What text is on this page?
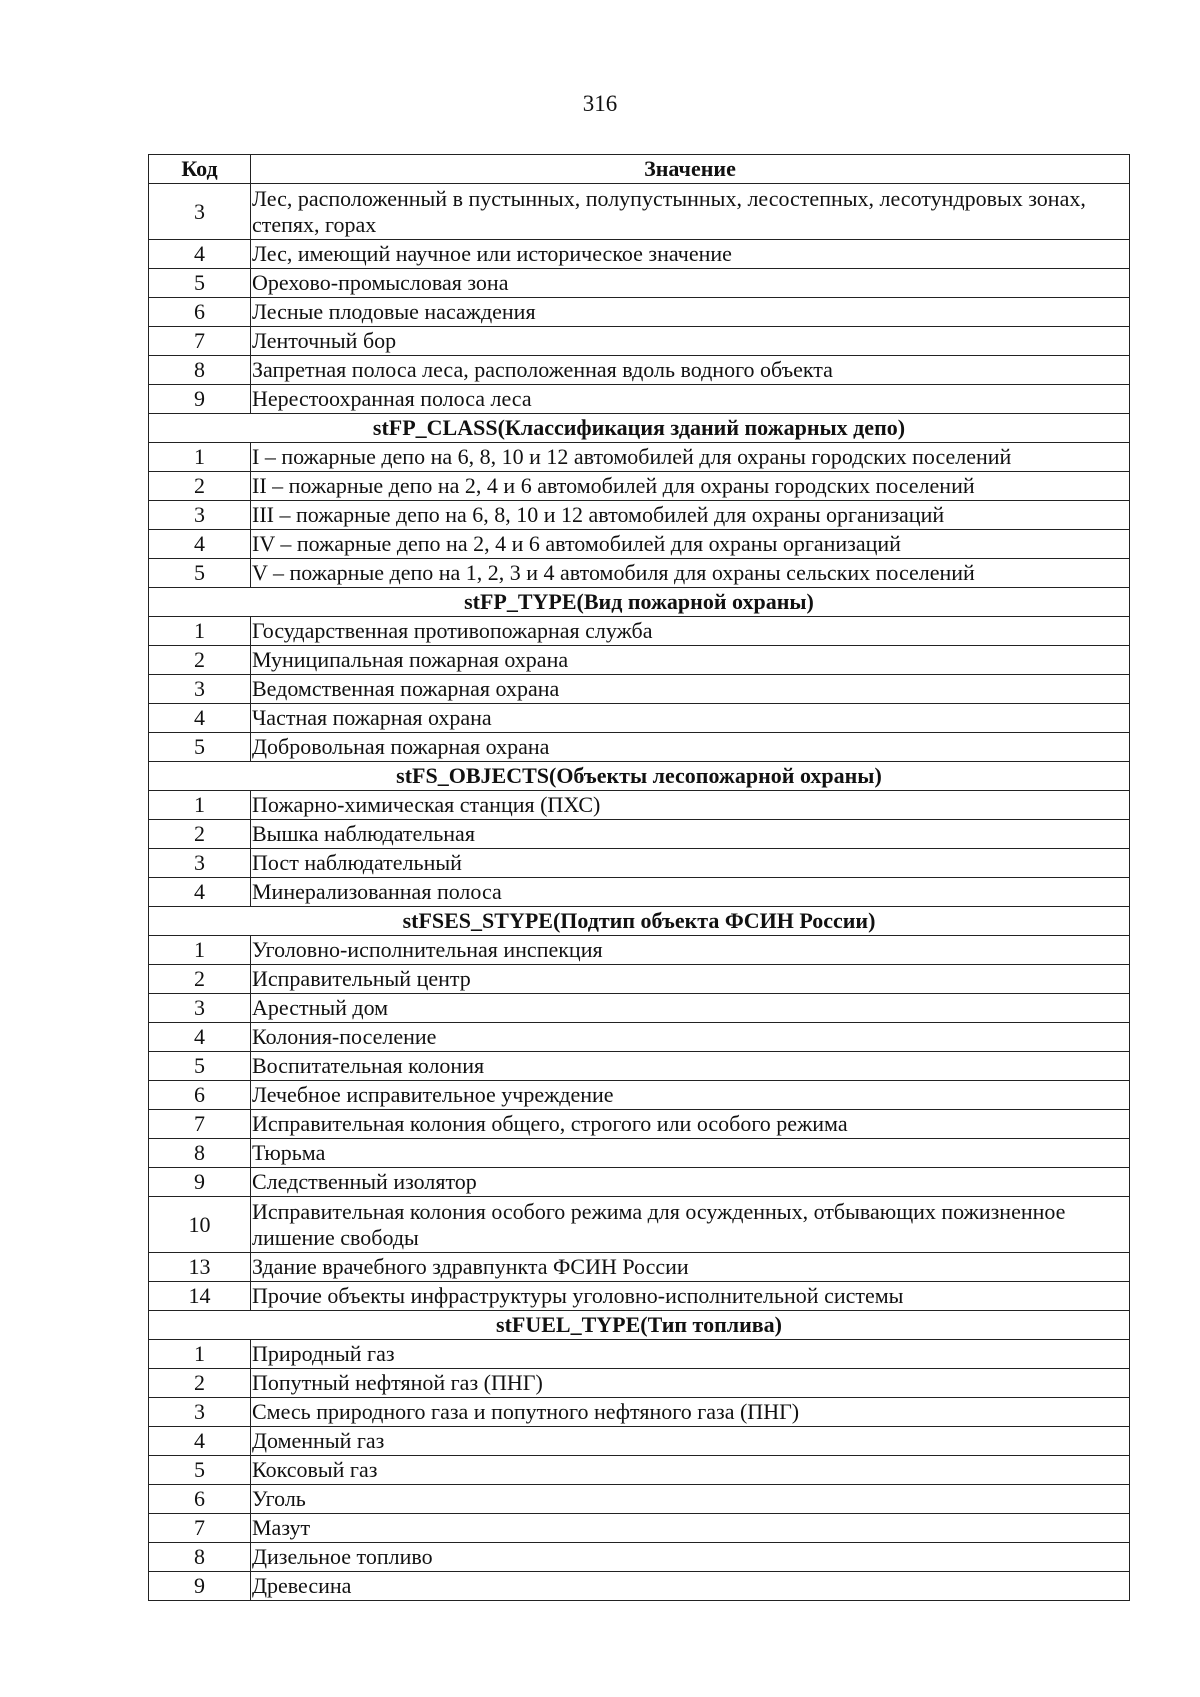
316
Код	Значение
3	Лес, расположенный в пустынных, полупустынных, лесостепных, лесотундровых зонах, степях, горах
4	Лес, имеющий научное или историческое значение
5	Орехово-промысловая зона
6	Лесные плодовые насаждения
7	Ленточный бор
8	Запретная полоса леса, расположенная вдоль водного объекта
9	Нерестоохранная полоса леса
stFP_CLASS(Классификация зданий пожарных депо)	
1	I – пожарные депо на 6, 8, 10 и 12 автомобилей для охраны городских поселений
2	II – пожарные депо на 2, 4 и 6 автомобилей для охраны городских поселений
3	III – пожарные депо на 6, 8, 10 и 12 автомобилей для охраны организаций
4	IV – пожарные депо на 2, 4 и 6 автомобилей для охраны организаций
5	V – пожарные депо на 1, 2, 3 и 4 автомобиля для охраны сельских поселений
stFP_TYPE(Вид пожарной охраны)	
1	Государственная противопожарная служба
2	Муниципальная пожарная охрана
3	Ведомственная пожарная охрана
4	Частная пожарная охрана
5	Добровольная пожарная охрана
stFS_OBJECTS(Объекты лесопожарной охраны)	
1	Пожарно-химическая станция (ПХС)
2	Вышка наблюдательная
3	Пост наблюдательный
4	Минерализованная полоса
stFSES_STYPE(Подтип объекта ФСИН России)	
1	Уголовно-исполнительная инспекция
2	Исправительный центр
3	Арестный дом
4	Колония-поселение
5	Воспитательная колония
6	Лечебное исправительное учреждение
7	Исправительная колония общего, строгого или особого режима
8	Тюрьма
9	Следственный изолятор
10	Исправительная колония особого режима для осужденных, отбывающих пожизненное лишение свободы
13	Здание врачебного здравпункта ФСИН России
14	Прочие объекты инфраструктуры уголовно-исполнительной системы
stFUEL_TYPE(Тип топлива)	
1	Природный газ
2	Попутный нефтяной газ (ПНГ)
3	Смесь природного газа и попутного нефтяного газа (ПНГ)
4	Доменный газ
5	Коксовый газ
6	Уголь
7	Мазут
8	Дизельное топливо
9	Древесина
